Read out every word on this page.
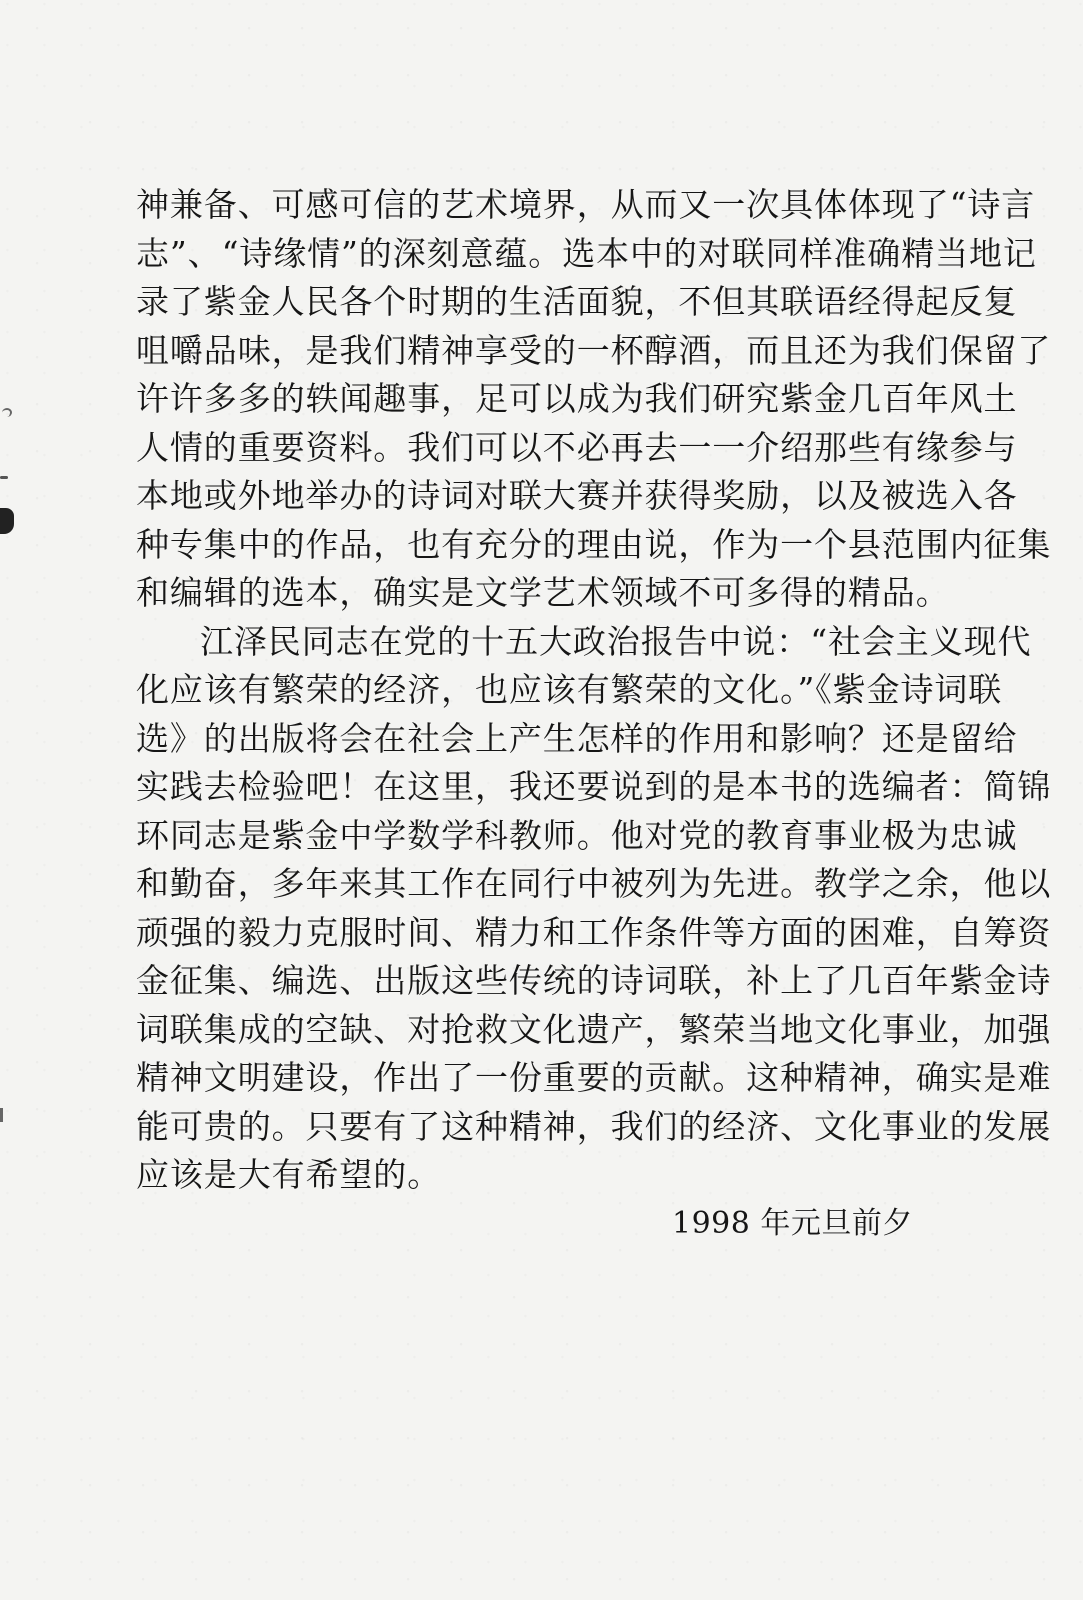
神兼备、可感可信的艺术境界，从而又一次具体体现了“诗言
志”、“诗缘情”的深刻意蕴。选本中的对联同样准确精当地记
录了紫金人民各个时期的生活面貌，不但其联语经得起反复
咀嚼品味，是我们精神享受的一杯醇酒，而且还为我们保留了
许许多多的轶闻趣事，足可以成为我们研究紫金几百年风土
人情的重要资料。我们可以不必再去一一介绍那些有缘参与
本地或外地举办的诗词对联大赛并获得奖励，以及被选入各
种专集中的作品，也有充分的理由说，作为一个县范围内征集
和编辑的选本，确实是文学艺术领域不可多得的精品。
江泽民同志在党的十五大政治报告中说：“社会主义现代
化应该有繁荣的经济，也应该有繁荣的文化。”《紫金诗词联
选》的出版将会在社会上产生怎样的作用和影响？还是留给
实践去检验吧！在这里，我还要说到的是本书的选编者：简锦
环同志是紫金中学数学科教师。他对党的教育事业极为忠诚
和勤奋，多年来其工作在同行中被列为先进。教学之余，他以
顽强的毅力克服时间、精力和工作条件等方面的困难，自筹资
金征集、编选、出版这些传统的诗词联，补上了几百年紫金诗
词联集成的空缺、对抢救文化遗产，繁荣当地文化事业，加强
精神文明建设，作出了一份重要的贡献。这种精神，确实是难
能可贵的。只要有了这种精神，我们的经济、文化事业的发展
应该是大有希望的。
1998 年元旦前夕
